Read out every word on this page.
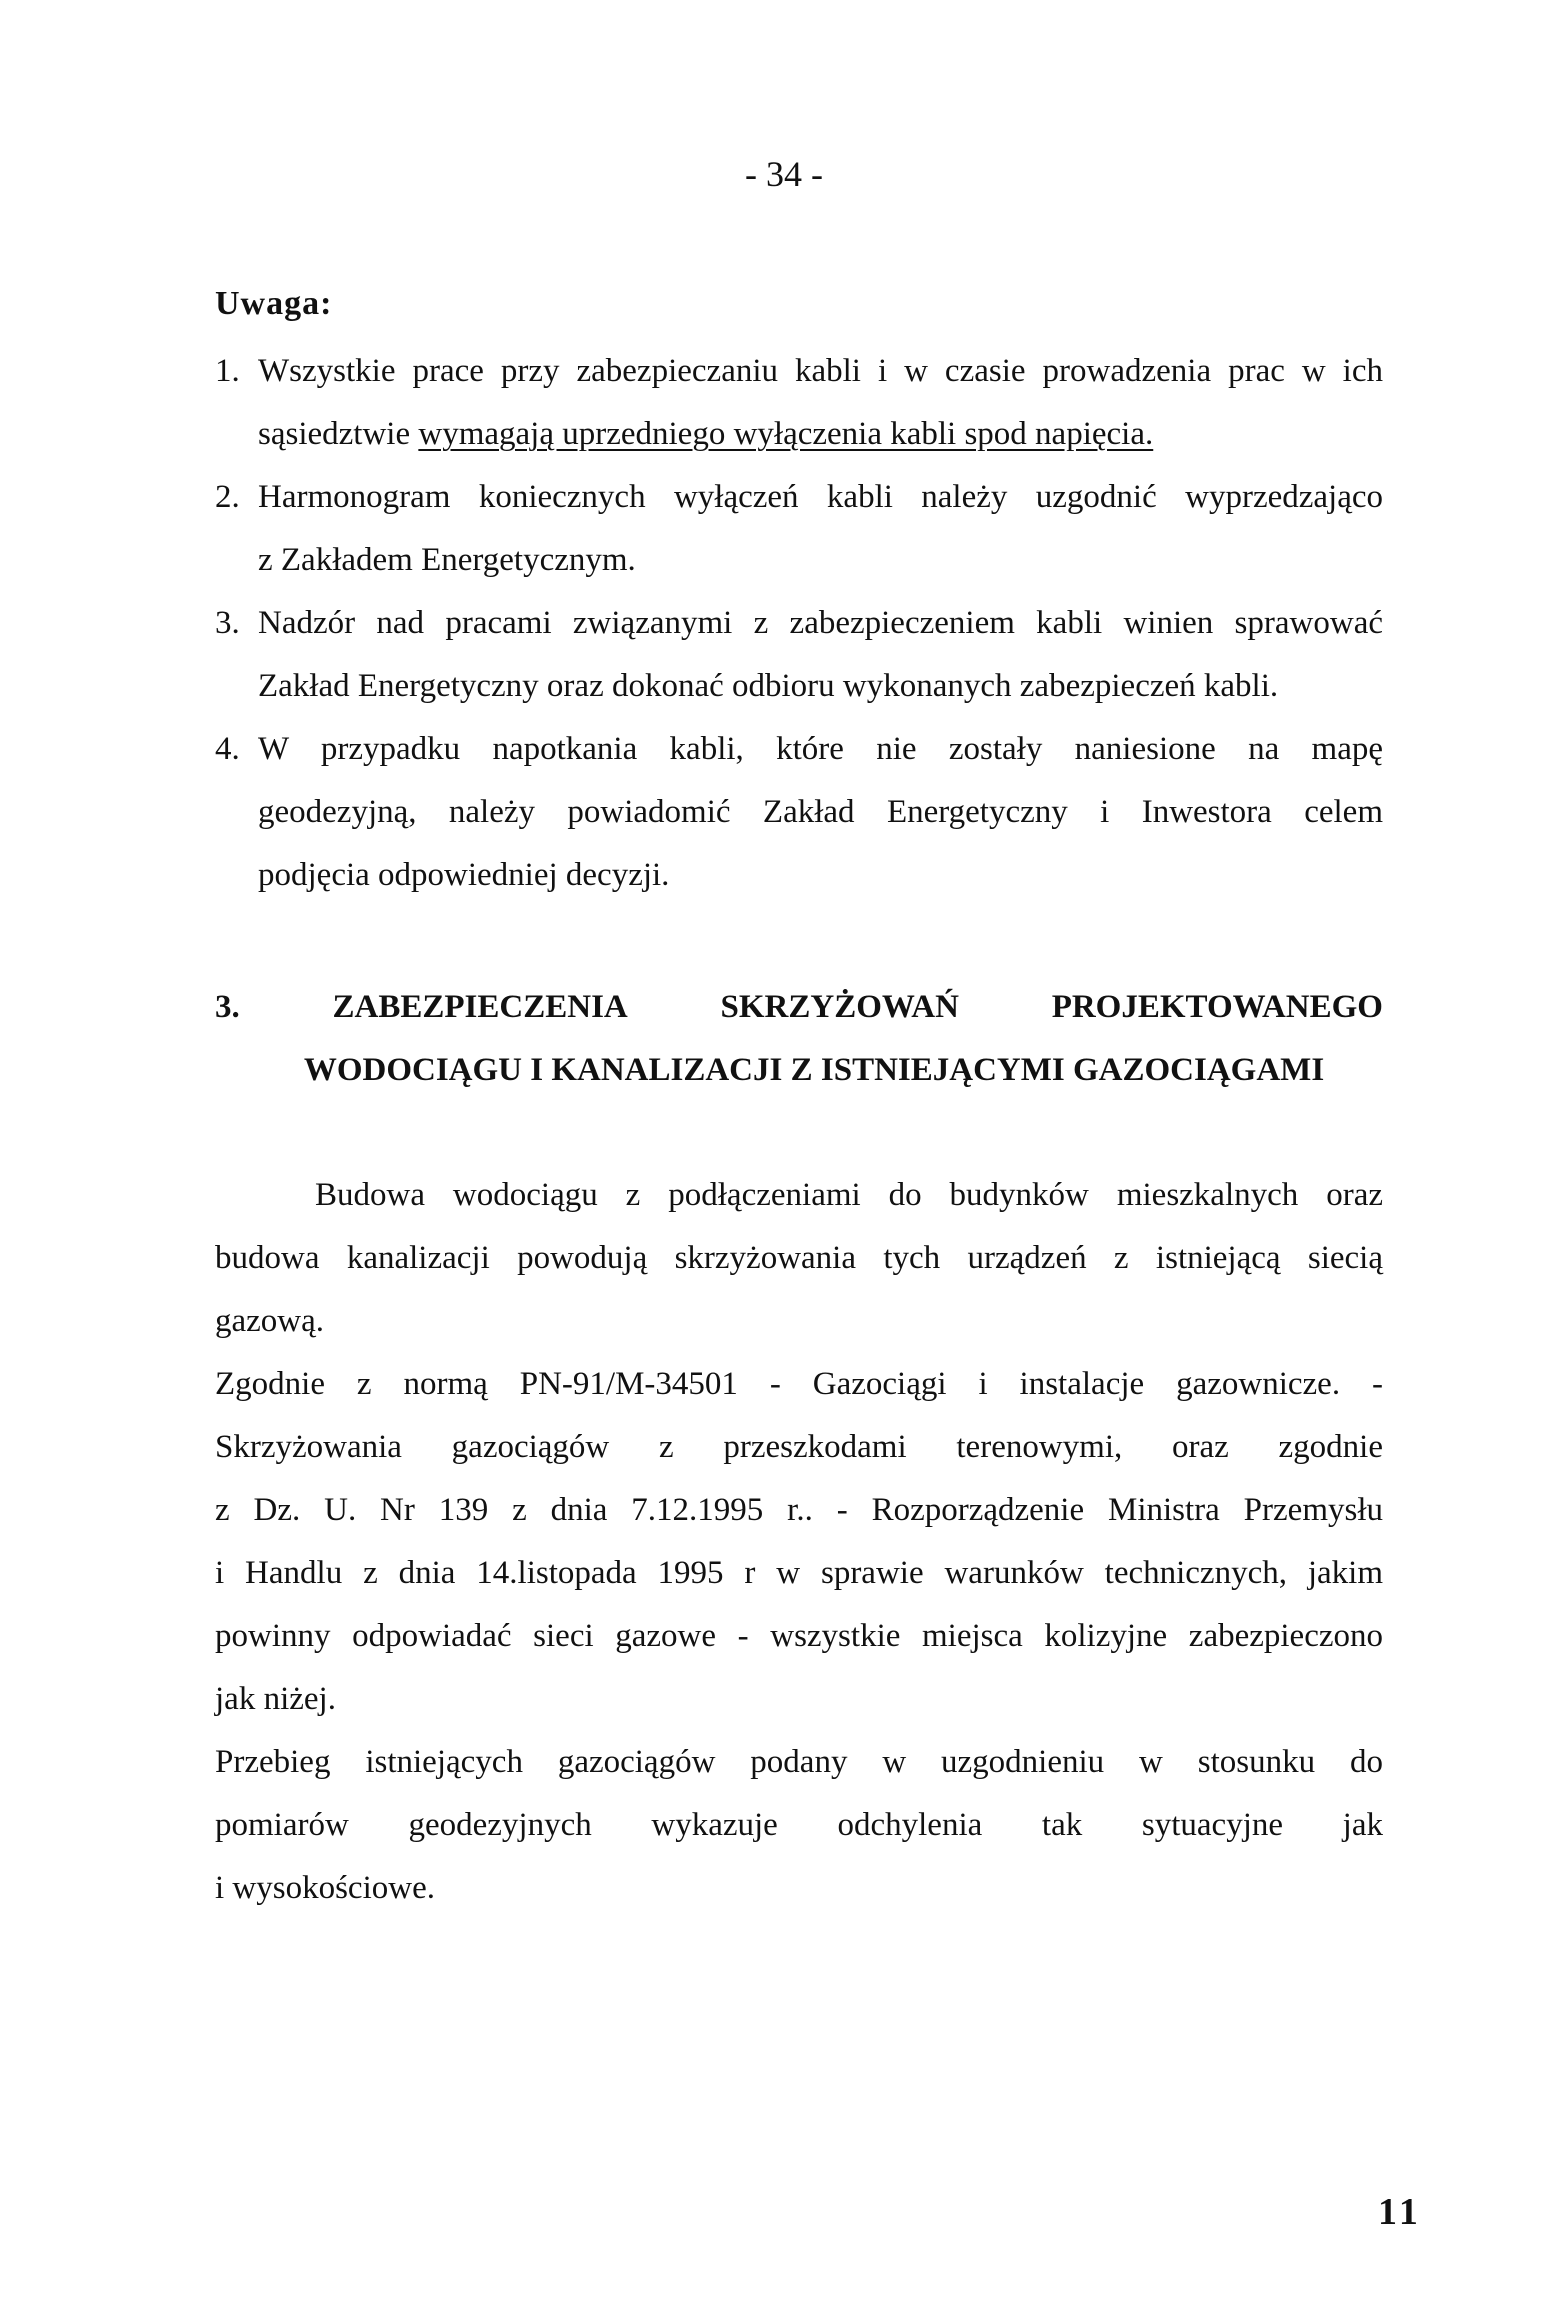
- 34 -
Uwaga:
1. Wszystkie prace przy zabezpieczaniu kabli i w czasie prowadzenia prac w ich
sąsiedztwie wymagają uprzedniego wyłączenia kabli spod napięcia.
2. Harmonogram koniecznych wyłączeń kabli należy uzgodnić wyprzedzająco
z Zakładem Energetycznym.
3. Nadzór nad pracami związanymi z zabezpieczeniem kabli winien sprawować
Zakład Energetyczny oraz dokonać odbioru wykonanych zabezpieczeń kabli.
4. W przypadku napotkania kabli, które nie zostały naniesione na mapę
geodezyjną, należy powiadomić Zakład Energetyczny i Inwestora celem
podjęcia odpowiedniej decyzji.
3.	ZABEZPIECZENIA	SKRZYŻOWAŃ	PROJEKTOWANEGO
WODOCIĄGU I KANALIZACJI Z ISTNIEJĄCYMI GAZOCIĄGAMI
Budowa wodociągu z podłączeniami do budynków mieszkalnych oraz
budowa kanalizacji powodują skrzyżowania tych urządzeń z istniejącą siecią
gazową.
Zgodnie z normą PN-91/M-34501 - Gazociągi i instalacje gazownicze. -
Skrzyżowania gazociągów z przeszkodami terenowymi, oraz zgodnie
z Dz. U. Nr 139 z dnia 7.12.1995 r.. - Rozporządzenie Ministra Przemysłu
i Handlu z dnia 14.listopada 1995 r w sprawie warunków technicznych, jakim
powinny odpowiadać sieci gazowe - wszystkie miejsca kolizyjne zabezpieczono
jak niżej.
Przebieg istniejących gazociągów podany w uzgodnieniu w stosunku do
pomiarów geodezyjnych wykazuje odchylenia tak sytuacyjne jak
i wysokościowe.
11
